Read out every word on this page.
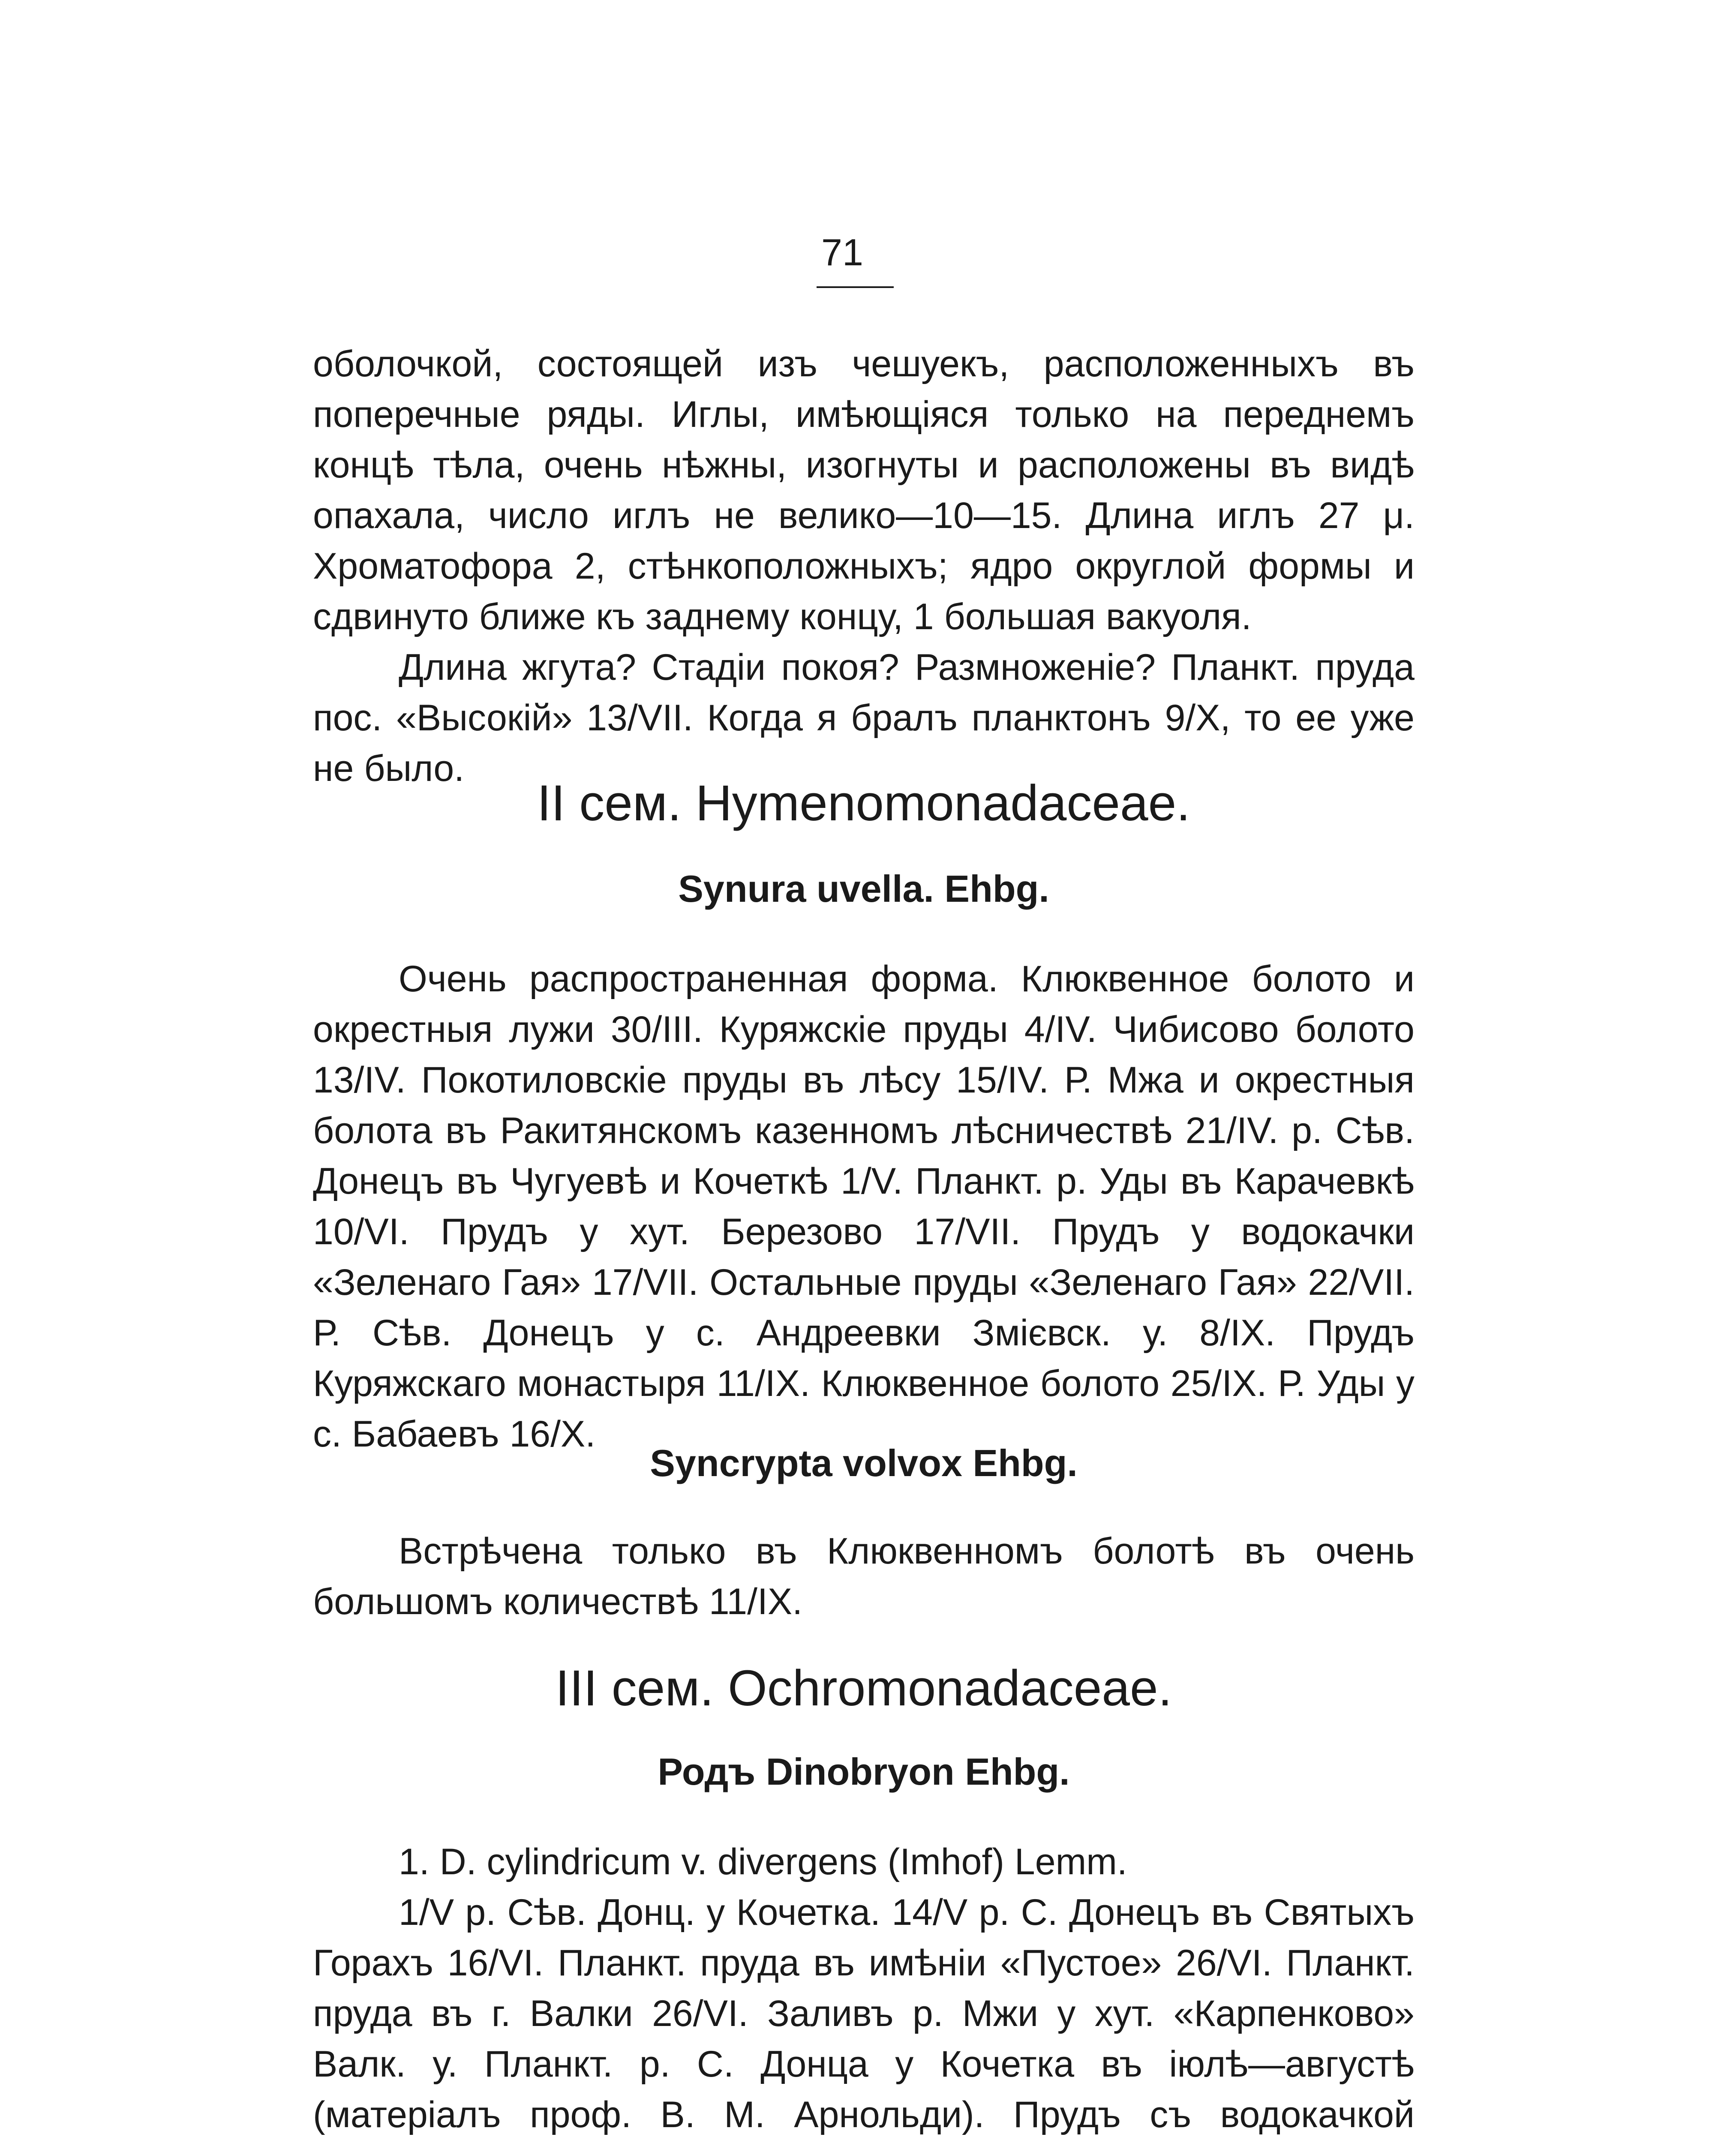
71

оболочкой, состоящей изъ чешуекъ, расположенныхъ въ поперечные ряды. Иглы, имѣющіяся только на переднемъ концѣ тѣла, очень нѣжны, изогнуты и расположены въ видѣ опахала, число иглъ не велико—10—15. Длина иглъ 27 μ. Хроматофора 2, стѣнкоположныхъ; ядро округлой формы и сдвинуто ближе къ заднему концу, 1 большая вакуоля.

Длина жгута? Стадіи покоя? Размноженіе? Планкт. пруда пос. «Высокій» 13/VII. Когда я бралъ планктонъ 9/X, то ее уже не было.

II сем. Hymenomonadaceae.
Synura uvella. Ehbg.

Очень распространенная форма. Клюквенное болото и окрестныя лужи 30/III. Куряжскіе пруды 4/IV. Чибисово болото 13/IV. Покотиловскіе пруды въ лѣсу 15/IV. Р. Мжа и окрестныя болота въ Ракитянскомъ казенномъ лѣсничествѣ 21/IV. р. Сѣв. Донецъ въ Чугуевѣ и Кочеткѣ 1/V. Планкт. р. Уды въ Карачевкѣ 10/VI. Прудъ у хут. Березово 17/VII. Прудъ у водокачки «Зеленаго Гая» 17/VII. Остальные пруды «Зеленаго Гая» 22/VII. Р. Сѣв. Донецъ у с. Андреевки Змієвск. у. 8/IX. Прудъ Куряжскаго монастыря 11/IX. Клюквенное болото 25/IX. Р. Уды у с. Бабаевъ 16/X.

Syncrypta volvox Ehbg.

Встрѣчена только въ Клюквенномъ болотѣ въ очень большомъ количествѣ 11/IX.

III сем. Ochromonadaceae.
Родъ Dinobryon Ehbg.

1. D. cylindricum v. divergens (Imhof) Lemm.

1/V р. Сѣв. Донц. у Кочетка. 14/V р. С. Донецъ въ Святыхъ Горахъ 16/VI. Планкт. пруда въ имѣніи «Пустое» 26/VI. Планкт. пруда въ г. Валки 26/VI. Заливъ р. Мжи у хут. «Карпенково» Валк. у. Планкт. р. С. Донца у Кочетка въ іюлѣ—августѣ (матеріалъ проф. В. М. Арнольди). Прудъ съ водокачкой
